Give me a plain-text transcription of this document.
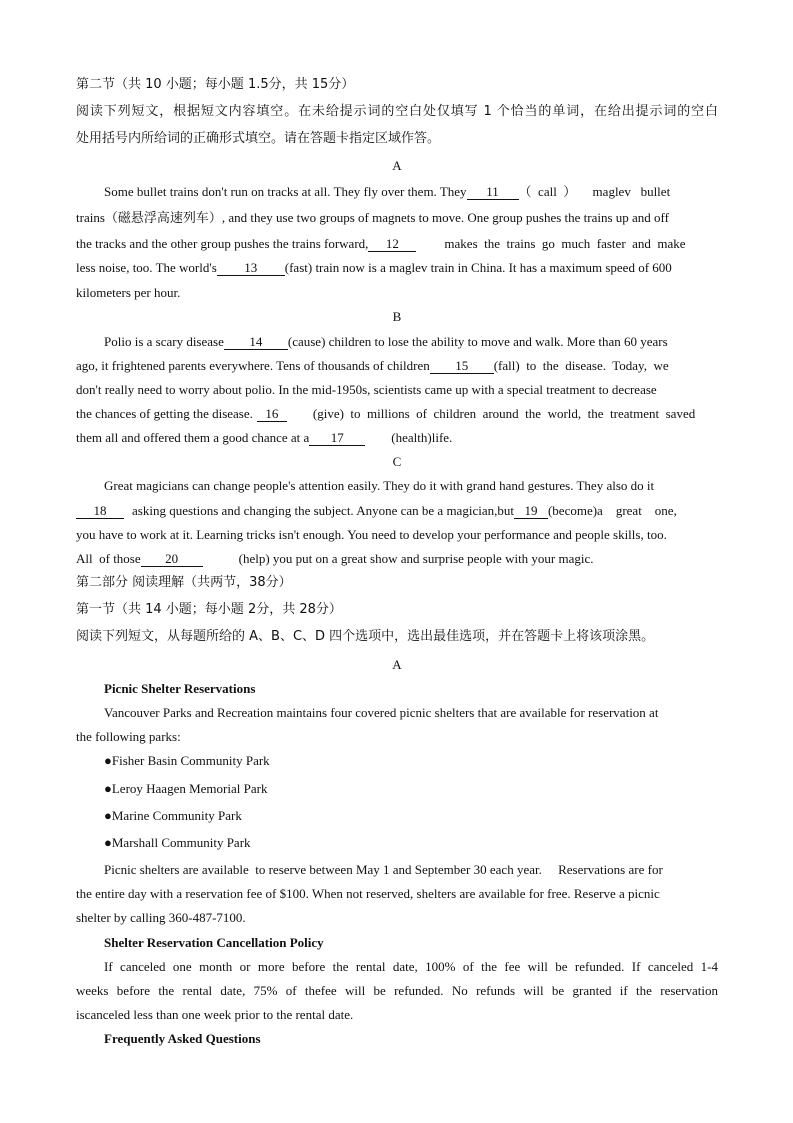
第二节（共 10 小题；每小题 1.5分，共 15分）
阅读下列短文，根据短文内容填空。在未给提示词的空白处仅填写 1 个恰当的单词，在给出提示词的空白
处用括号内所给词的正确形式填空。请在答题卡指定区域作答。
A
Some bullet trains don't run on tracks at all. They fly over them. They 11 （  call  ）     maglev   bullet
trains（磁悬浮高速列车）, and they use two groups of magnets to move. One group pushes the trains up and off
the tracks and the other group pushes the trains forward, 12	makes  the  trains  go  much  faster  and  make
less noise, too. The world's 13 (fast) train now is a maglev train in China. It has a maximum speed of 600
kilometers per hour.
B
Polio is a scary disease 14 (cause) children to lose the ability to move and walk. More than 60 years
ago, it frightened parents everywhere. Tens of thousands of children 15 (fall)  to  the  disease.  Today,  we
don't really need to worry about polio. In the mid-1950s, scientists came up with a special treatment to decrease
the chances of getting the disease. 16	(give)  to  millions  of  children  around  the  world,  the  treatment  saved
them all and offered them a good chance at a 17	(health)life.
C
Great magicians can change people's attention easily. They do it with grand hand gestures. They also do it
18 asking questions and changing the subject. Anyone can be a magician,but 19 (become)a    great    one,
you have to work at it. Learning tricks isn't enough. You need to develop your performance and people skills, too.
All  of those 20	(help) you put on a great show and surprise people with your magic.
第二部分 阅读理解（共两节，38分）
第一节（共 14 小题；每小题 2分，共 28分）
阅读下列短文，从每题所给的 A、B、C、D 四个选项中，选出最佳选项，并在答题卡上将该项涂黑。
A
Picnic Shelter Reservations
Vancouver Parks and Recreation maintains four covered picnic shelters that are available for reservation at
the following parks:
●Fisher Basin Community Park
●Leroy Haagen Memorial Park
●Marine Community Park
●Marshall Community Park
Picnic shelters are available  to reserve between May 1 and September 30 each year.     Reservations are for
the entire day with a reservation fee of $100. When not reserved, shelters are available for free. Reserve a picnic
shelter by calling 360-487-7100.
Shelter Reservation Cancellation Policy
If canceled one month or more before the rental date, 100% of the fee will be refunded. If canceled 1-4
weeks before the rental date, 75% of thefee will be refunded. No refunds will be granted if the reservation
iscanceled less than one week prior to the rental date.
Frequently Asked Questions
